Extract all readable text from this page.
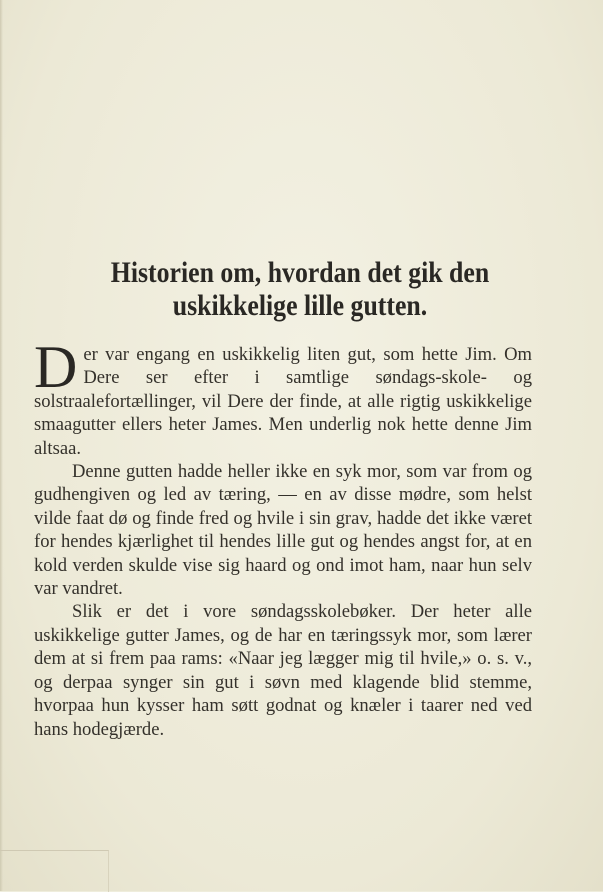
Historien om, hvordan det gik den
uskikkelige lille gutten.

Der var engang en uskikkelig liten gut, som hette Jim. Om Dere ser efter i samtlige søndags-skole- og solstraalefortællinger, vil Dere der finde, at alle rigtig uskikkelige smaagutter ellers heter James. Men underlig nok hette denne Jim altsaa.

Denne gutten hadde heller ikke en syk mor, som var from og gudhengiven og led av tæring, — en av disse mødre, som helst vilde faat dø og finde fred og hvile i sin grav, hadde det ikke været for hendes kjærlighet til hendes lille gut og hendes angst for, at en kold verden skulde vise sig haard og ond imot ham, naar hun selv var vandret.

Slik er det i vore søndagsskolebøker. Der heter alle uskikkelige gutter James, og de har en tæringssyk mor, som lærer dem at si frem paa rams: «Naar jeg lægger mig til hvile,» o. s. v., og derpaa synger sin gut i søvn med klagende blid stemme, hvorpaa hun kysser ham søtt godnat og knæler i taarer ned ved hans hodegjærde.
